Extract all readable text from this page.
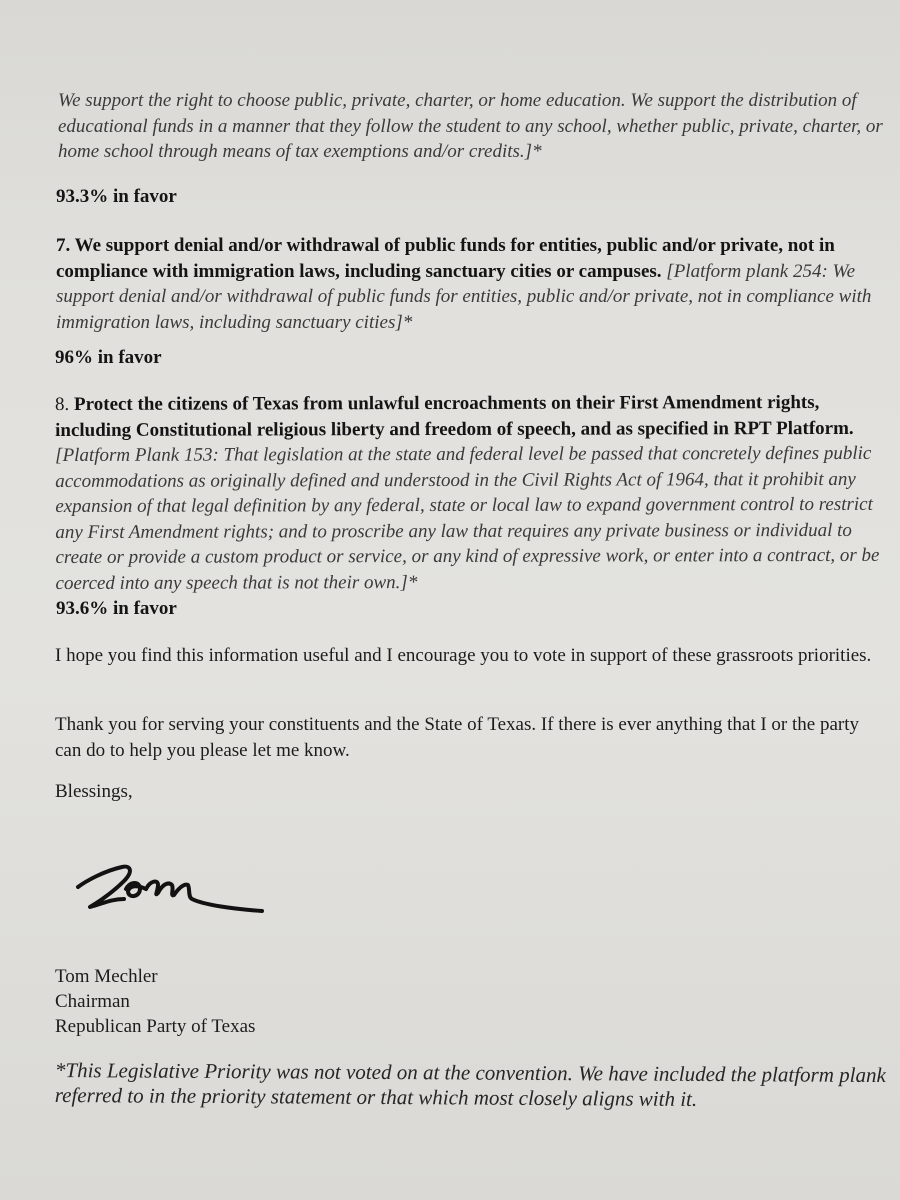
We support the right to choose public, private, charter, or home education. We support the distribution of educational funds in a manner that they follow the student to any school, whether public, private, charter, or home school through means of tax exemptions and/or credits.]*

93.3% in favor

7. We support denial and/or withdrawal of public funds for entities, public and/or private, not in compliance with immigration laws, including sanctuary cities or campuses. [Platform plank 254: We support denial and/or withdrawal of public funds for entities, public and/or private, not in compliance with immigration laws, including sanctuary cities]*

96% in favor

8. Protect the citizens of Texas from unlawful encroachments on their First Amendment rights, including Constitutional religious liberty and freedom of speech, and as specified in RPT Platform. [Platform Plank 153: That legislation at the state and federal level be passed that concretely defines public accommodations as originally defined and understood in the Civil Rights Act of 1964, that it prohibit any expansion of that legal definition by any federal, state or local law to expand government control to restrict any First Amendment rights; and to proscribe any law that requires any private business or individual to create or provide a custom product or service, or any kind of expressive work, or enter into a contract, or be coerced into any speech that is not their own.]*

93.6% in favor

I hope you find this information useful and I encourage you to vote in support of these grassroots priorities.

Thank you for serving your constituents and the State of Texas. If there is ever anything that I or the party can do to help you please let me know.

Blessings,

Tom Mechler

Chairman

Republican Party of Texas

*This Legislative Priority was not voted on at the convention. We have included the platform plank referred to in the priority statement or that which most closely aligns with it.
